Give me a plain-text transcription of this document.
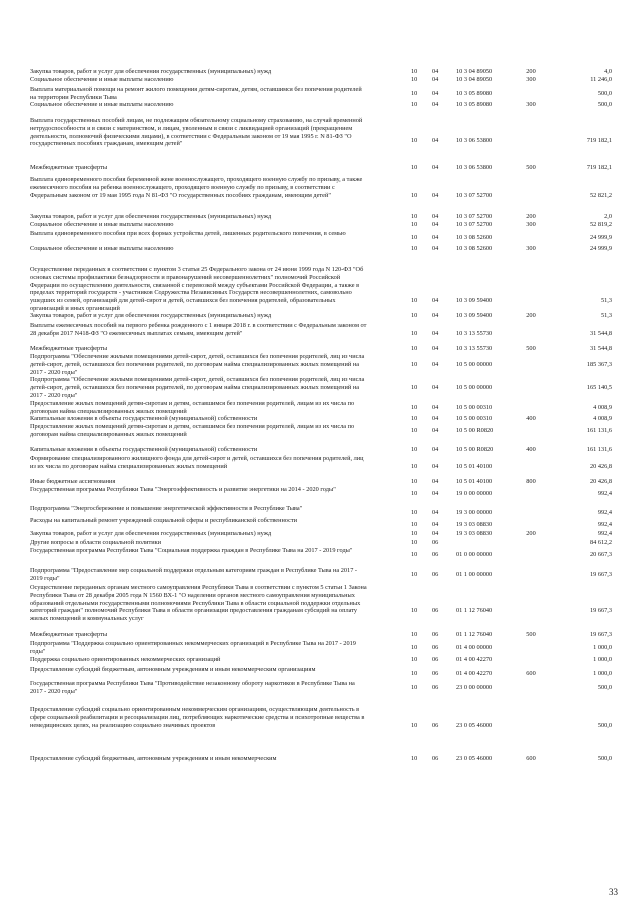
Закупка товаров, работ и услуг для обеспечения государственных (муниципальных) нужд	10	04	10 3 04 89050	200	4,0
Социальное обеспечение и иные выплаты населению	10	04	10 3 04 89050	300	11 246,0
Выплата материальной помощи на ремонт жилого помещения детям-сиротам, детям, оставшимся без попечения родителей на территории Республики Тыва
10	04	10 3 05 89080	500,0
Социальное обеспечение и иные выплаты населению	10	04	10 3 05 89080	300	500,0
Выплата государственных пособий лицам, не подлежащим обязательному социальному страхованию, на случай временной нетрудоспособности и в связи с материнством, и лицам, уволенным в связи с ликвидацией организаций (прекращением деятельности, полномочий физическими лицами), в соответствии с Федеральным законом от 19 мая 1995 г. N 81-ФЗ "О государственных пособиях гражданам, имеющим детей"
10	04	10 3 06 53800	719 182,1
Межбюджетные трансферты	10	04	10 3 06 53800	500	719 182,1
Выплата единовременного пособия беременной жене военнослужащего, проходящего военную службу по призыву, а также ежемесячного пособия на ребенка военнослужащего, проходящего военную службу по призыву, в соответствии с Федеральным законом от 19 мая 1995 года N 81-ФЗ "О государственных пособиях гражданам, имеющим детей"	10	04	10 3 07 52700	52 821,2
Закупка товаров, работ и услуг для обеспечения государственных (муниципальных) нужд	10	04	10 3 07 52700	200	2,0
Социальное обеспечение и иные выплаты населению	10	04	10 3 07 52700	300	52 819,2
Выплата единовременного пособия при всех формах устройства детей, лишенных родительского попечения, в семью
10	04	10 3 08 52600	24 999,9
Социальное обеспечение и иные выплаты населению	10	04	10 3 08 52600	300	24 999,9
Осуществление переданных в соответствии с пунктом 3 статьи 25 Федерального закона от 24 июня 1999 года N 120-ФЗ "Об основах системы профилактики безнадзорности и правонарушений несовершеннолетних" полномочий Российской Федерации по осуществлению деятельности, связанной с перевозкой между субъектами Российской Федерации, а также в пределах территорий государств - участников Содружества Независимых Государств несовершеннолетних, самовольно ушедших из семей, организаций для детей-сирот и детей, оставшихся без попечения родителей, образовательных организаций и иных организаций
10	04	10 3 09 59400	51,3
Закупка товаров, работ и услуг для обеспечения государственных (муниципальных) нужд	10	04	10 3 09 59400	200	51,3
Выплаты ежемесячных пособий на первого ребенка рожденного с 1 января 2018 г. в соответствии с Федеральным законом от 28 декабря 2017 N418-ФЗ "О ежемесячных выплатах семьям, имеющим детей"	10	04	10 3 13 55730	31 544,8
Межбюджетные трансферты	10	04	10 3 13 55730	500	31 544,8
Подпрограмма "Обеспечение жилыми помещениями детей-сирот, детей, оставшихся без попечения родителей, лиц из числа детей-сирот, детей, оставшихся без попечения родителей, по договорам найма специализированных жилых помещений на 2017 - 2020 годы"
10	04	10 5 00 00000	185 367,3
Подпрограмма "Обеспечение жилыми помещениями детей-сирот, детей, оставшихся без попечения родителей, лиц из числа детей-сирот, детей, оставшихся без попечения родителей, по договорам найма специализированных жилых помещений на 2017 - 2020 годы"
10	04	10 5 00 00000	165 140,5
Предоставление жилых помещений детям-сиротам и детям, оставшимся без попечения родителей, лицам из их числа по договорам найма специализированных жилых помещений
10	04	10 5 00 00310	4 008,9
Капитальные вложения в объекты государственной (муниципальной) собственности	10	04	10 5 00 00310	400	4 008,9
Предоставление жилых помещений детям-сиротам и детям, оставшимся без попечения родителей, лицам из их числа по договорам найма специализированных жилых помещений
10	04	10 5 00 R0820	161 131,6
Капитальные вложения в объекты государственной (муниципальной) собственности	10	04	10 5 00 R0820	400	161 131,6
Формирование специализированного жилищного фонда для детей-сирот и детей, оставшихся без попечения родителей, лиц из их числа по договорам найма специализированных жилых помещений	10	04	10 5 01 40100	20 426,8
Иные бюджетные ассигнования	10	04	10 5 01 40100	800	20 426,8
Государственная программа Республики Тыва "Энергоэффективность и развитие энергетики на 2014 - 2020 годы"
10	04	19 0 00 00000	992,4
Подпрограмма "Энергосбережение и повышение энергетической эффективности в Республике Тыва"
10	04	19 3 00 00000	992,4
Расходы на капитальный ремонт учреждений социальной сферы и республиканской собственности
10	04	19 3 03 08830	992,4
Закупка товаров, работ и услуг для обеспечения государственных (муниципальных) нужд	10	04	19 3 03 08830	200	992,4
Другие вопросы в области социальной политики	10	06	84 612,2
Государственная программа Республики Тыва "Социальная поддержка граждан в Республике Тыва на 2017 - 2019 годы"
10	06	01 0 00 00000	20 667,3
Подпрограмма "Предоставление мер социальной поддержки отдельным категориям граждан в Республике Тыва на 2017 - 2019 годы"
10	06	01 1 00 00000	19 667,3
Осуществление переданных органам местного самоуправления Республики Тыва в соответствии с пунктом 5 статьи 1 Закона Республики Тыва от 28 декабря 2005 года N 1560 ВХ-1 "О наделении органов местного самоуправления муниципальных образований отдельными государственными полномочиями Республики Тыва в области социальной поддержки отдельных категорий граждан" полномочий Республики Тыва в области организации предоставления гражданам субсидий на оплату жилых помещений и коммунальных услуг
10	06	01 1 12 76040	19 667,3
Межбюджетные трансферты	10	06	01 1 12 76040	500	19 667,3
Подпрограмма "Поддержка социально ориентированных некоммерческих организаций в Республике Тыва на 2017 - 2019 годы"
10	06	01 4 00 00000	1 000,0
Поддержка социально ориентированных некоммерческих организаций	10	06	01 4 00 42270	1 000,0
Предоставление субсидий бюджетным, автономным учреждениям и иным некоммерческим организациям
10	06	01 4 00 42270	600	1 000,0
Государственная программа Республики Тыва "Противодействие незаконному обороту наркотиков в Республике Тыва на 2017 - 2020 годы"
10	06	23 0 00 00000	500,0
Предоставление субсидий социально ориентированным некоммерческим организациям, осуществляющим деятельность в сфере социальной реабилитации и ресоциализации лиц, потребляющих наркотические средства и психотропные вещества в немедицинских целях, на реализацию социально значимых проектов	10	06	23 0 05 46000	500,0
Предоставление субсидий бюджетным, автономным учреждениям и иным некоммерческим	10	06	23 0 05 46000	600	500,0
33
